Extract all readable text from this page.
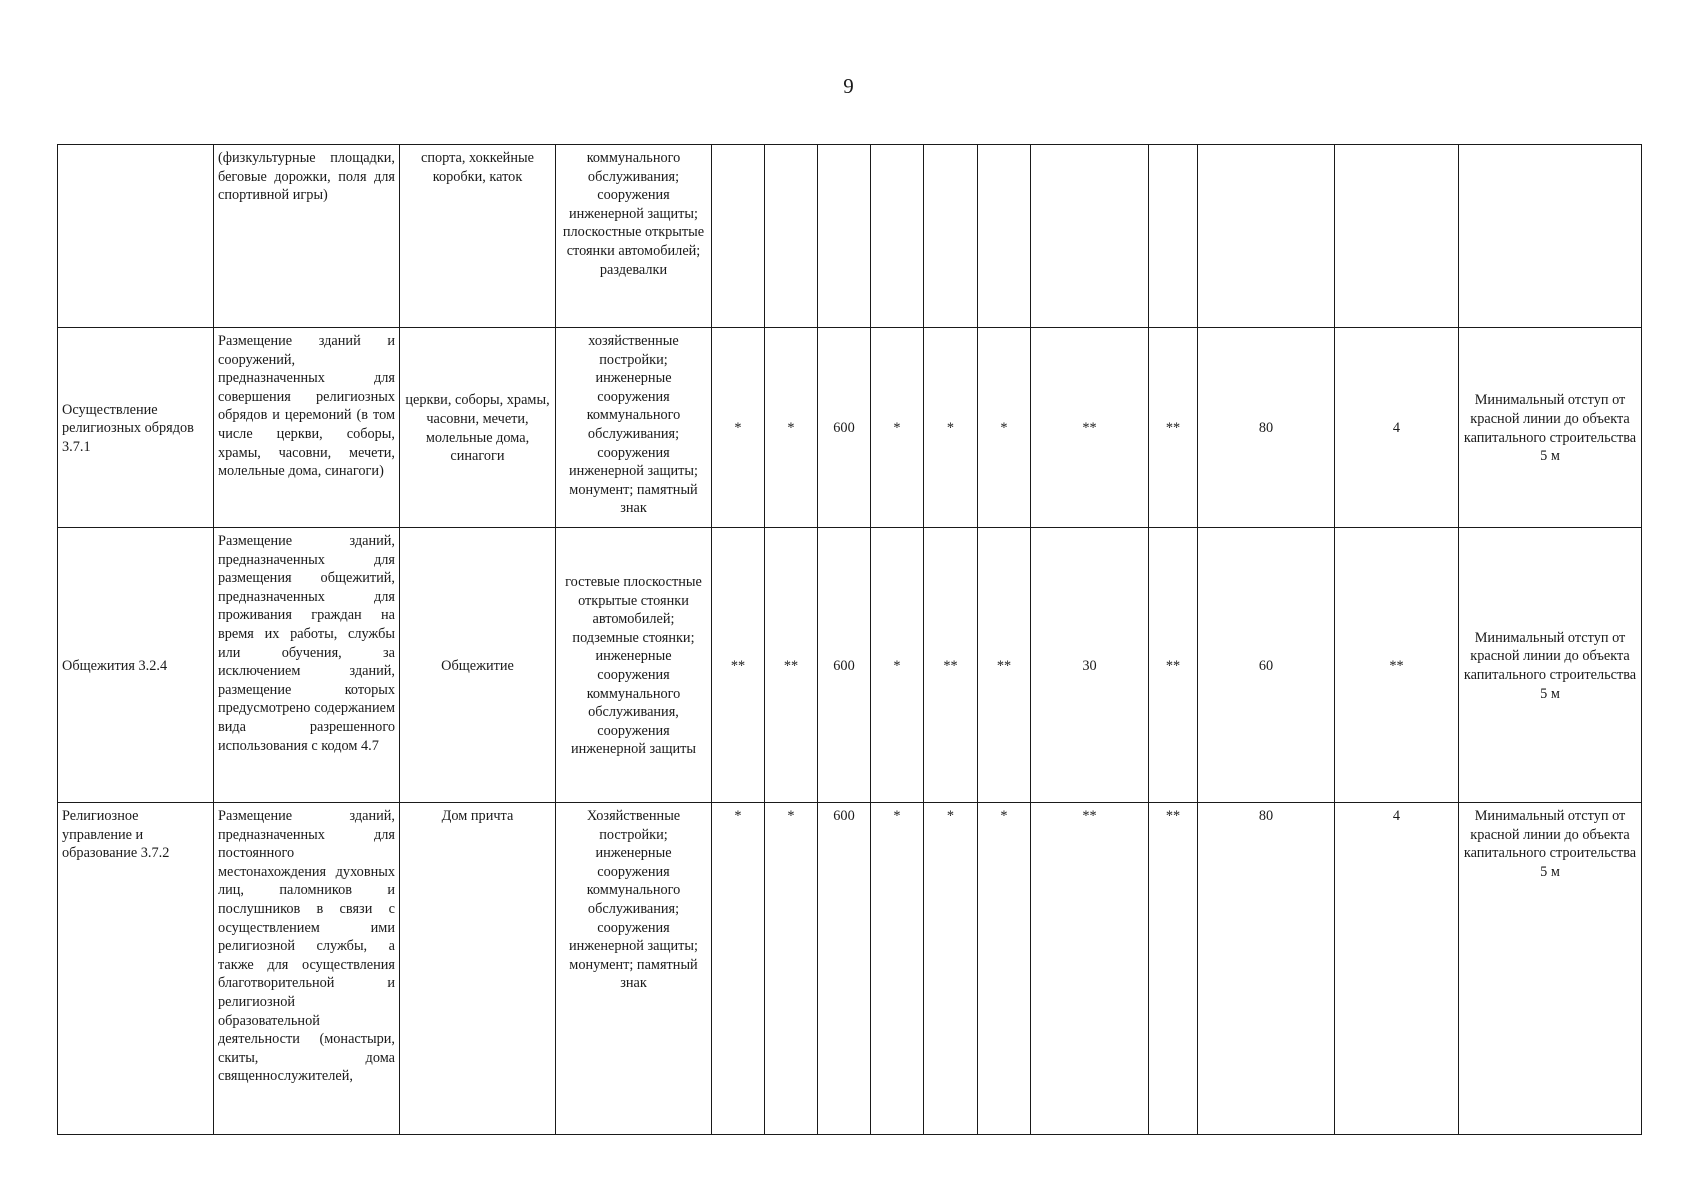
9
	(физкультурные площадки, беговые дорожки, поля для спортивной игры)	спорта, хоккейные коробки, каток	коммунального обслуживания; сооружения инженерной защиты; плоскостные открытые стоянки автомобилей; раздевалки											
Осуществление религиозных обрядов 3.7.1	Размещение зданий и сооружений, предназначенных для совершения религиозных обрядов и церемоний (в том числе церкви, соборы, храмы, часовни, мечети, молельные дома, синагоги)	церкви, соборы, храмы, часовни, мечети, молельные дома, синагоги	хозяйственные постройки; инженерные сооружения коммунального обслуживания; сооружения инженерной защиты; монумент; памятный знак	*	*	600	*	*	*	**	**	80	4	Минимальный отступ от красной линии до объекта капитального строительства 5 м
Общежития 3.2.4	Размещение зданий, предназначенных для размещения общежитий, предназначенных для проживания граждан на время их работы, службы или обучения, за исключением зданий, размещение которых предусмотрено содержанием вида разрешенного использования с кодом 4.7	Общежитие	гостевые плоскостные открытые стоянки автомобилей; подземные стоянки; инженерные сооружения коммунального обслуживания, сооружения инженерной защиты	**	**	600	*	**	**	30	**	60	**	Минимальный отступ от красной линии до объекта капитального строительства 5 м
Религиозное управление и образование 3.7.2	Размещение зданий, предназначенных для постоянного местонахождения духовных лиц, паломников и послушников в связи с осуществлением ими религиозной службы, а также для осуществления благотворительной и религиозной образовательной деятельности (монастыри, скиты, дома священнослужителей,	Дом причта	Хозяйственные постройки; инженерные сооружения коммунального обслуживания; сооружения инженерной защиты; монумент; памятный знак	*	*	600	*	*	*	**	**	80	4	Минимальный отступ от красной линии до объекта капитального строительства 5 м
